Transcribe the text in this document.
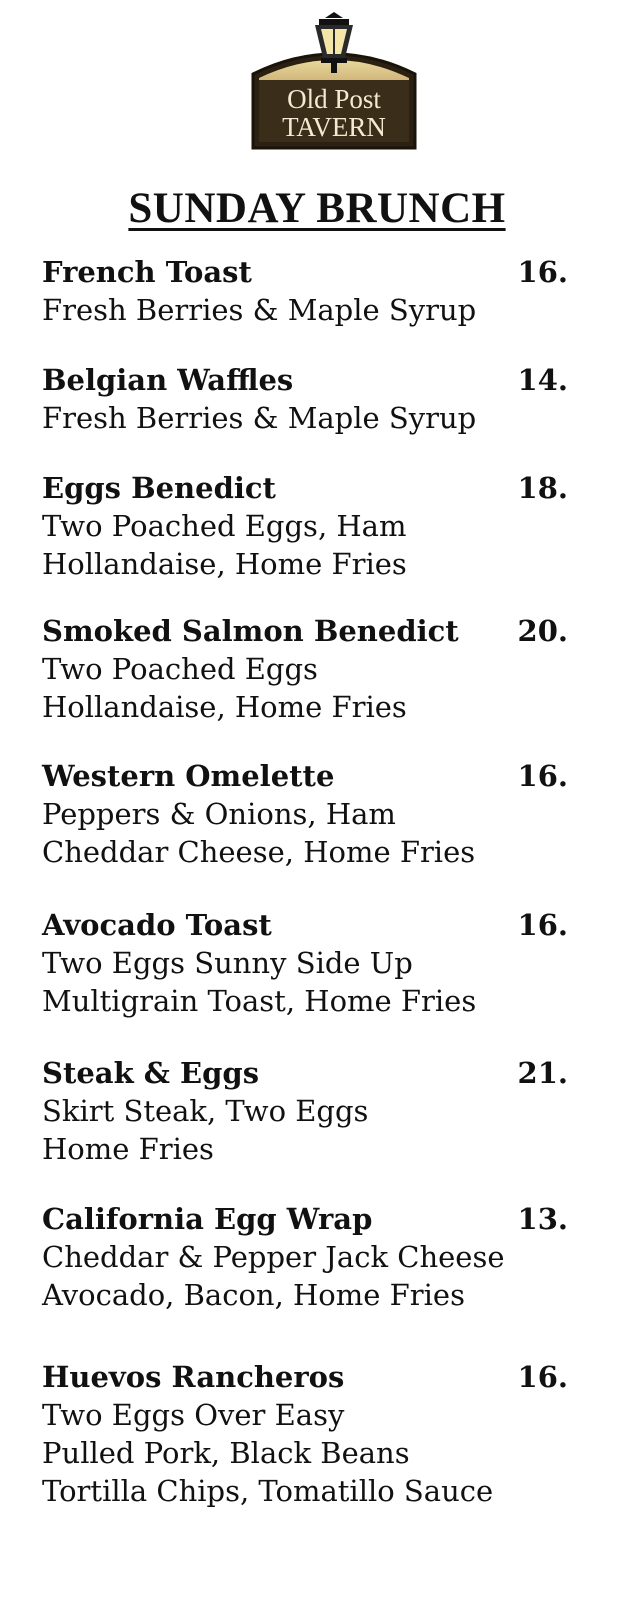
Old Post
TAVERN
SUNDAY BRUNCH
French Toast	16.
Fresh Berries & Maple Syrup
Belgian Waffles	14.
Fresh Berries & Maple Syrup
Eggs Benedict	18.
Two Poached Eggs, Ham
Hollandaise, Home Fries
Smoked Salmon Benedict 20.
Two Poached Eggs
Hollandaise, Home Fries
Western Omelette	16.
Peppers & Onions, Ham
Cheddar Cheese, Home Fries
Avocado Toast	16.
Two Eggs Sunny Side Up
Multigrain Toast, Home Fries
Steak & Eggs	21.
Skirt Steak, Two Eggs
Home Fries
California Egg Wrap	13.
Cheddar & Pepper Jack Cheese
Avocado, Bacon, Home Fries
Huevos Rancheros	16.
Two Eggs Over Easy
Pulled Pork, Black Beans
Tortilla Chips, Tomatillo Sauce
